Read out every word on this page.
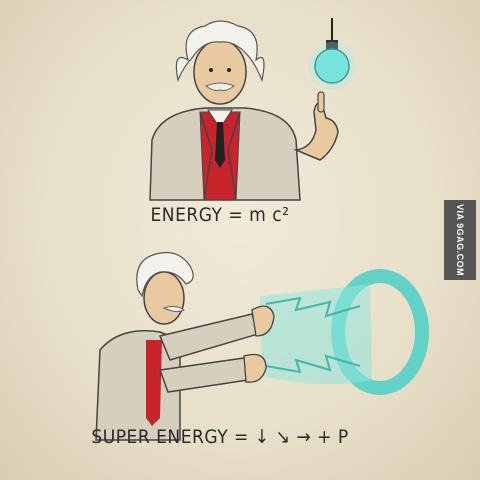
ENERGY = m c²
SUPER ENERGY = ↓ ↘ → + P
VIA 9GAG.COM
